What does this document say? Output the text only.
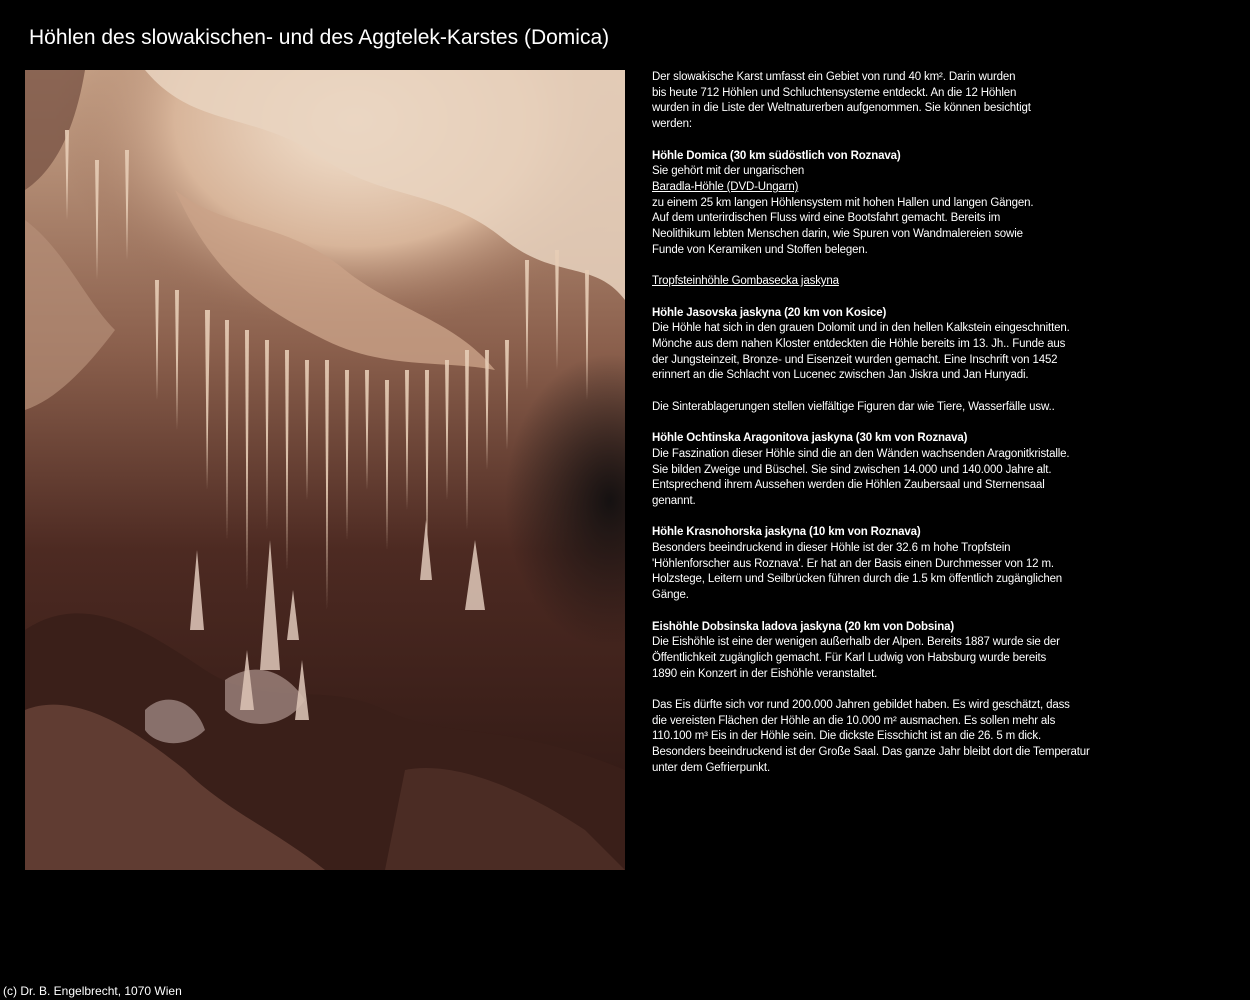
Höhlen des slowakischen- und des Aggtelek-Karstes (Domica)
Der slowakische Karst umfasst ein Gebiet von rund 40 km². Darin wurden
bis heute 712 Höhlen und Schluchtensysteme entdeckt. An die 12 Höhlen
wurden in die Liste der Weltnaturerben aufgenommen. Sie können besichtigt
werden:
Höhle Domica (30 km südöstlich von Roznava)
Sie gehört mit der ungarischen
Baradla-Höhle (DVD-Ungarn)
zu einem 25 km langen Höhlensystem mit hohen Hallen und langen Gängen.
Auf dem unterirdischen Fluss wird eine Bootsfahrt gemacht. Bereits im
Neolithikum lebten Menschen darin, wie Spuren von Wandmalereien sowie
Funde von Keramiken und Stoffen belegen.
Tropfsteinhöhle Gombasecka jaskyna
Höhle Jasovska jaskyna (20 km von Kosice)
Die Höhle hat sich in den grauen Dolomit und in den hellen Kalkstein eingeschnitten.
Mönche aus dem nahen Kloster entdeckten die Höhle bereits im 13. Jh.. Funde aus
der Jungsteinzeit, Bronze- und Eisenzeit wurden gemacht. Eine Inschrift von 1452
erinnert an die Schlacht von Lucenec zwischen Jan Jiskra und Jan Hunyadi.
Die Sinterablagerungen stellen vielfältige Figuren dar wie Tiere, Wasserfälle usw..
Höhle Ochtinska Aragonitova jaskyna (30 km von Roznava)
Die Faszination dieser Höhle sind die an den Wänden wachsenden Aragonitkristalle.
Sie bilden Zweige und Büschel. Sie sind zwischen 14.000 und 140.000 Jahre alt.
Entsprechend ihrem Aussehen werden die Höhlen Zaubersaal und Sternensaal
genannt.
Höhle Krasnohorska jaskyna (10 km von Roznava)
Besonders beeindruckend in dieser Höhle ist der 32.6 m hohe Tropfstein
'Höhlenforscher aus Roznava'. Er hat an der Basis einen Durchmesser von 12 m.
Holzstege, Leitern und Seilbrücken führen durch die 1.5 km öffentlich zugänglichen
Gänge.
Eishöhle Dobsinska ladova jaskyna (20 km von Dobsina)
Die Eishöhle ist eine der wenigen außerhalb der Alpen. Bereits 1887 wurde sie der
Öffentlichkeit zugänglich gemacht. Für Karl Ludwig von Habsburg wurde bereits
1890 ein Konzert in der Eishöhle veranstaltet.
Das Eis dürfte sich vor rund 200.000 Jahren gebildet haben. Es wird geschätzt, dass
die vereisten Flächen der Höhle an die 10.000 m² ausmachen. Es sollen mehr als
110.100 m³ Eis in der Höhle sein. Die dickste Eisschicht ist an die 26. 5 m dick.
Besonders beeindruckend ist der Große Saal. Das ganze Jahr bleibt dort die Temperatur
unter dem Gefrierpunkt.
(c) Dr. B. Engelbrecht, 1070 Wien
